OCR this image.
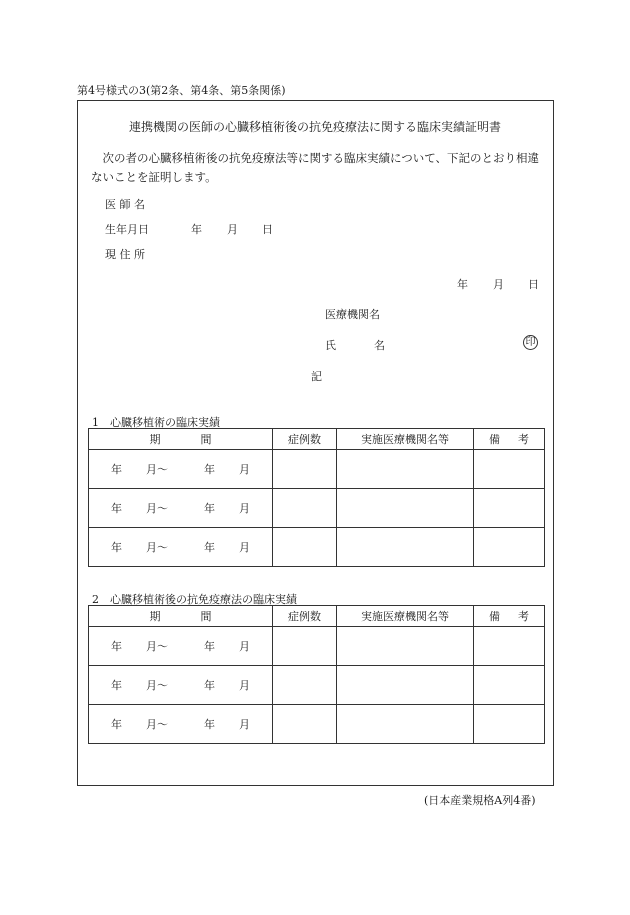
第4号様式の3(第2条、第4条、第5条関係)
連携機関の医師の心臓移植術後の抗免疫療法に関する臨床実績証明書
次の者の心臓移植術後の抗免疫療法等に関する臨床実績について、下記のとおり相違ないことを証明します。
医 師 名
生年月日	年 月 日
現 住 所
年 月 日
医療機関名
氏	名	印
記
1　心臓移植術の臨床実績
期 間	症例数	実施医療機関名等	備 考
年 月～ 年 月			
年 月～ 年 月			
年 月～ 年 月			
2　心臓移植術後の抗免疫療法の臨床実績
期 間	症例数	実施医療機関名等	備 考
年 月～ 年 月			
年 月～ 年 月			
年 月～ 年 月			
(日本産業規格A列4番)
